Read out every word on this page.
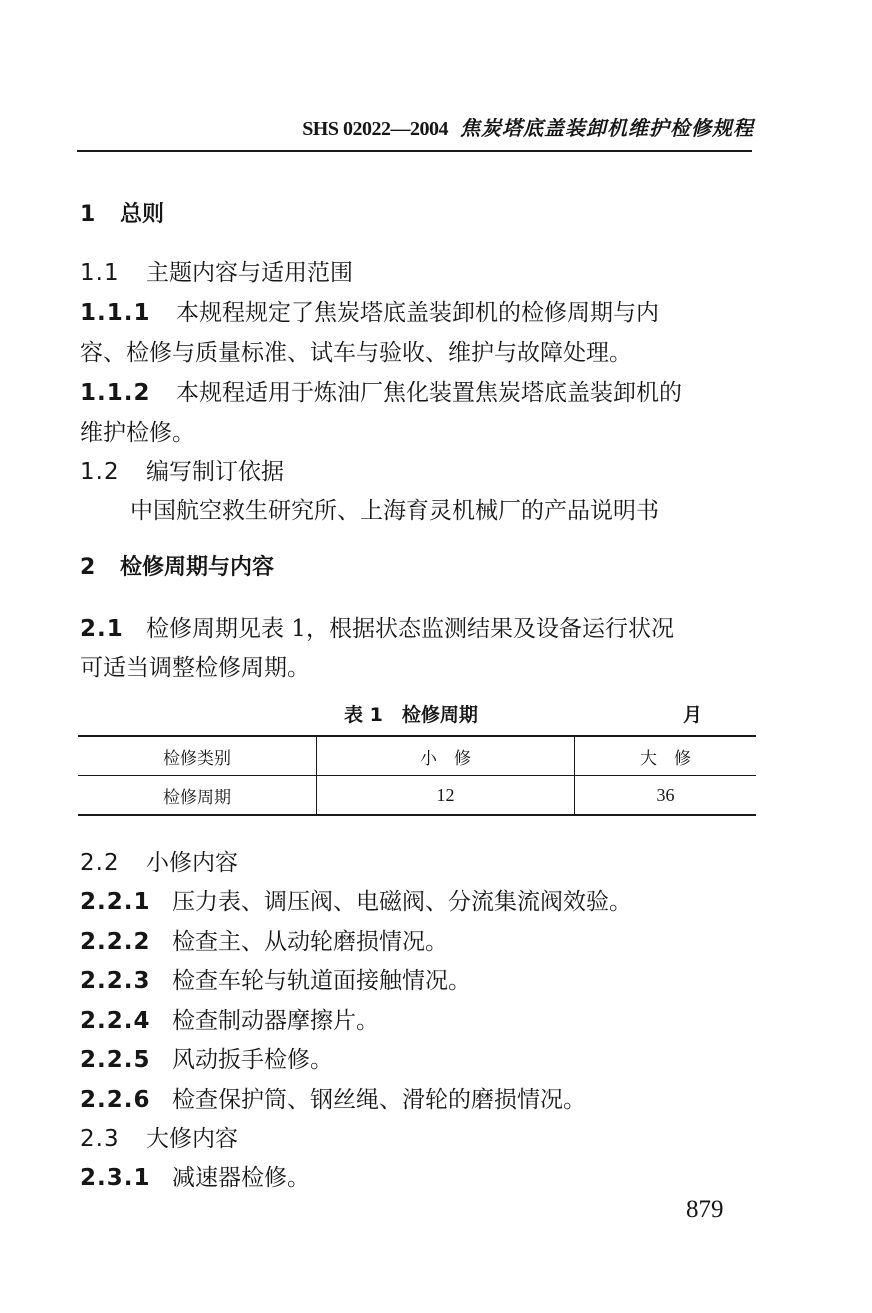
SHS 02022—2004 焦炭塔底盖装卸机维护检修规程
1 总则
1.1 主题内容与适用范围
1.1.1 本规程规定了焦炭塔底盖装卸机的检修周期与内
容、检修与质量标准、试车与验收、维护与故障处理。
1.1.2 本规程适用于炼油厂焦化装置焦炭塔底盖装卸机的
维护检修。
1.2 编写制订依据
中国航空救生研究所、上海育灵机械厂的产品说明书
2 检修周期与内容
2.1 检修周期见表 1，根据状态监测结果及设备运行状况
可适当调整检修周期。
表 1　检修周期	月
检修类别	小　修	大　修
检修周期	12	36
2.2 小修内容
2.2.1 压力表、调压阀、电磁阀、分流集流阀效验。
2.2.2 检查主、从动轮磨损情况。
2.2.3 检查车轮与轨道面接触情况。
2.2.4 检查制动器摩擦片。
2.2.5 风动扳手检修。
2.2.6 检查保护筒、钢丝绳、滑轮的磨损情况。
2.3 大修内容
2.3.1 减速器检修。
879
